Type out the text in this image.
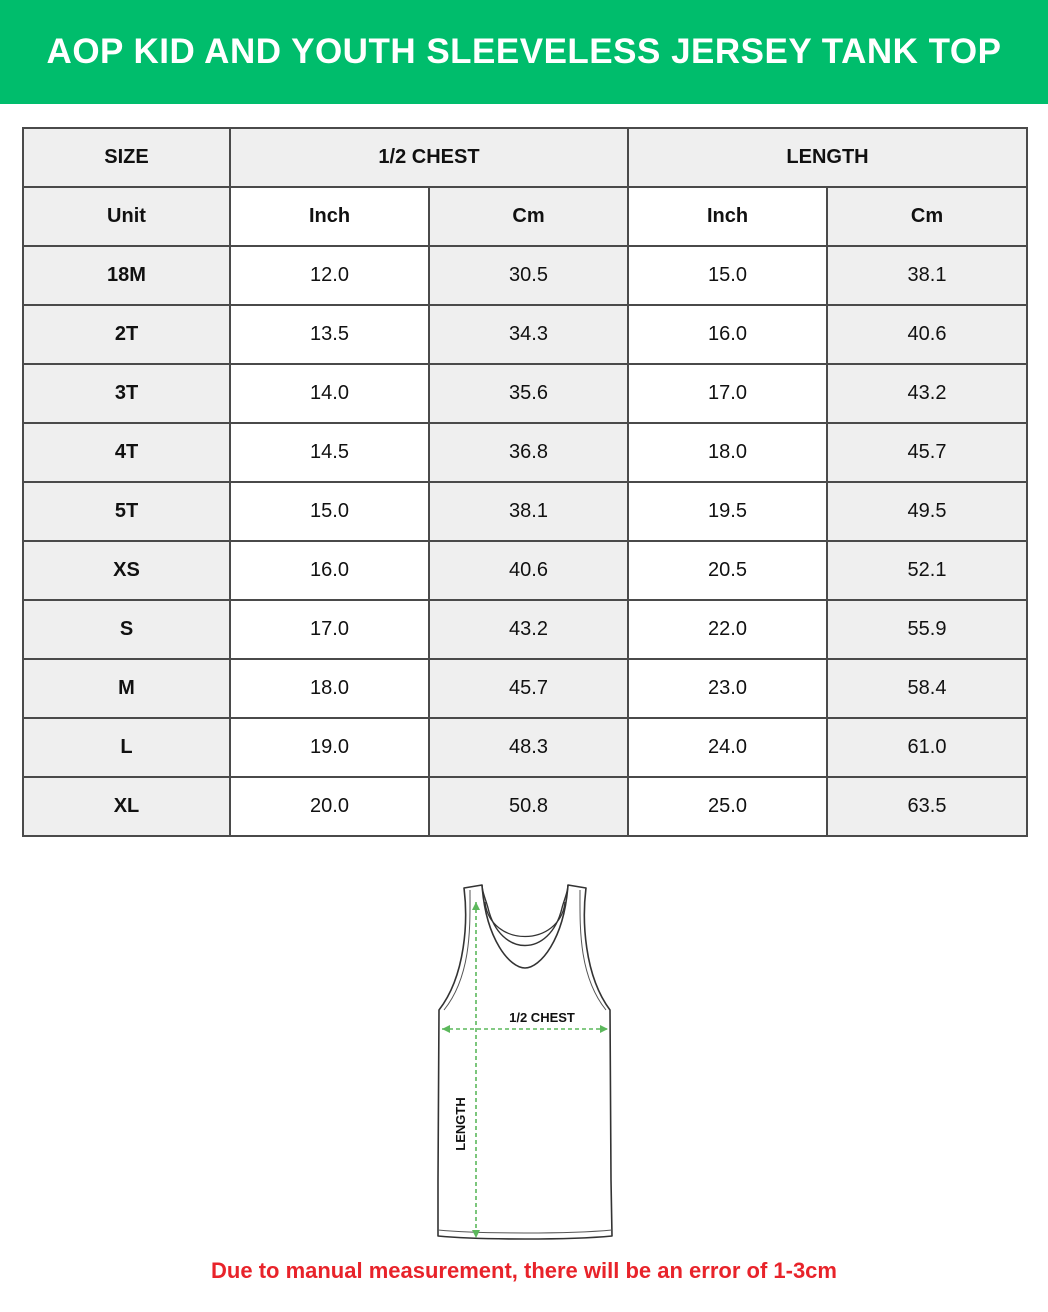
AOP KID AND YOUTH SLEEVELESS JERSEY TANK TOP
SIZE	1/2 CHEST		LENGTH	
Unit	Inch	Cm	Inch	Cm
18M	12.0	30.5	15.0	38.1
2T	13.5	34.3	16.0	40.6
3T	14.0	35.6	17.0	43.2
4T	14.5	36.8	18.0	45.7
5T	15.0	38.1	19.5	49.5
XS	16.0	40.6	20.5	52.1
S	17.0	43.2	22.0	55.9
M	18.0	45.7	23.0	58.4
L	19.0	48.3	24.0	61.0
XL	20.0	50.8	25.0	63.5
1/2 CHEST
LENGTH
Due to manual measurement, there will be an error of 1-3cm
